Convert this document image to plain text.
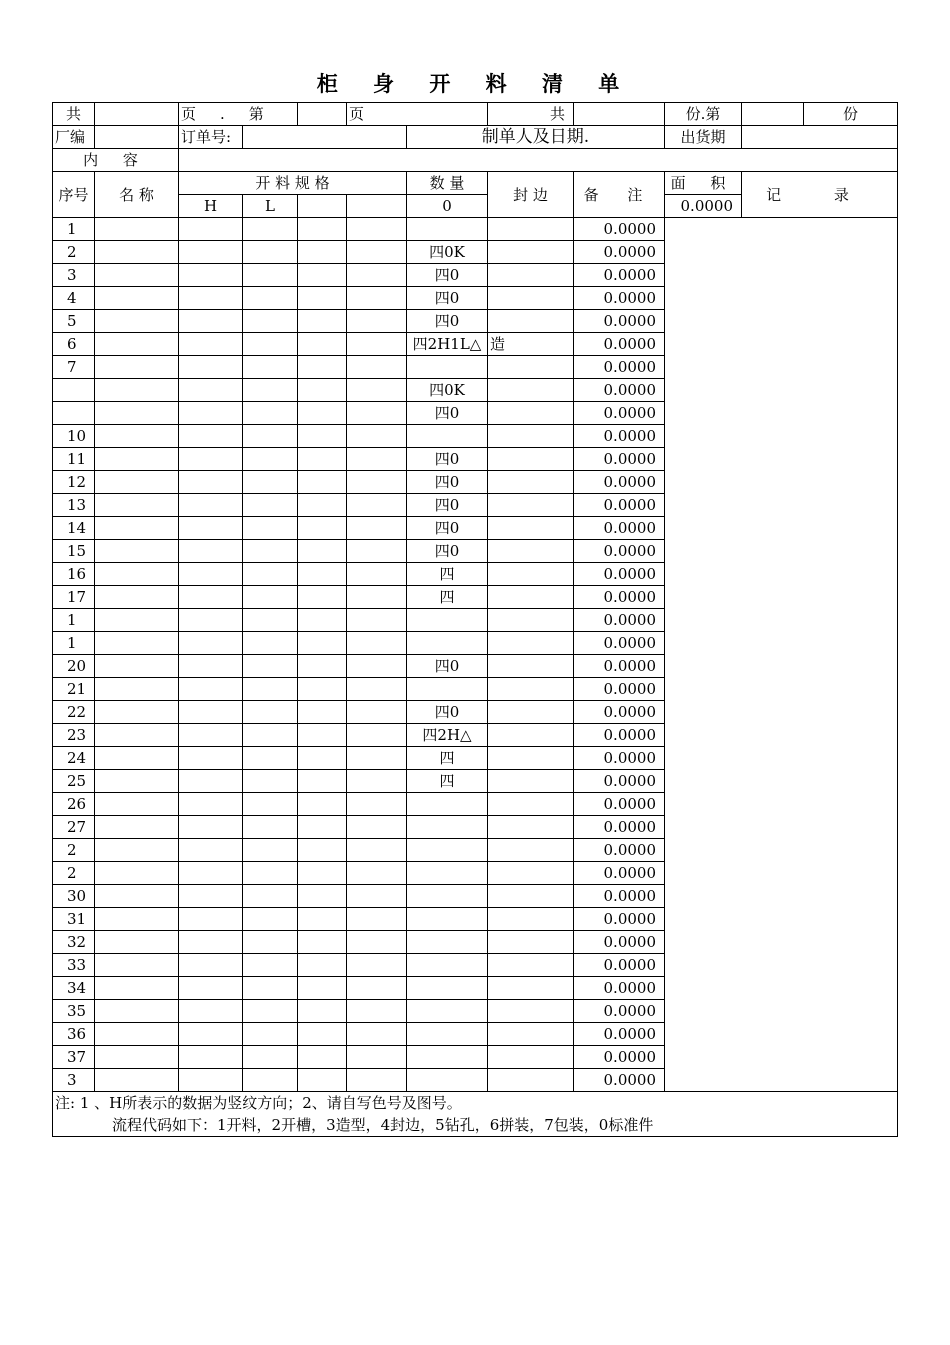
柜 身 开 料 清 单
共		页 . 第			页		共		份.第		份
厂编		订单号:				制单人及日期.			出货期		
内 容											
序号	名 称	开 料 规 格				数 量	封 边	备 注	面 积	记 录	
		H	L			0			0.0000		
1								0.0000			
2						四0K		0.0000			
3						四0		0.0000			
4						四0		0.0000			
5						四0		0.0000			
6						四2H1L△	造	0.0000			
7								0.0000			
						四0K		0.0000			
						四0		0.0000			
10								0.0000			
11						四0		0.0000			
12						四0		0.0000			
13						四0		0.0000			
14						四0		0.0000			
15						四0		0.0000			
16						四		0.0000			
17						四		0.0000			
1								0.0000			
1								0.0000			
20						四0		0.0000			
21								0.0000			
22						四0		0.0000			
23						四2H△		0.0000			
24						四		0.0000			
25						四		0.0000			
26								0.0000			
27								0.0000			
2								0.0000			
2								0.0000			
30								0.0000			
31								0.0000			
32								0.0000			
33								0.0000			
34								0.0000			
35								0.0000			
36								0.0000			
37								0.0000			
3								0.0000			

注: 1 、H所表示的数据为竖纹方向；2、请自写色号及图号。
流程代码如下：1开料，2开槽，3造型，4封边，5钻孔，6拼装，7包装，0标准件											
